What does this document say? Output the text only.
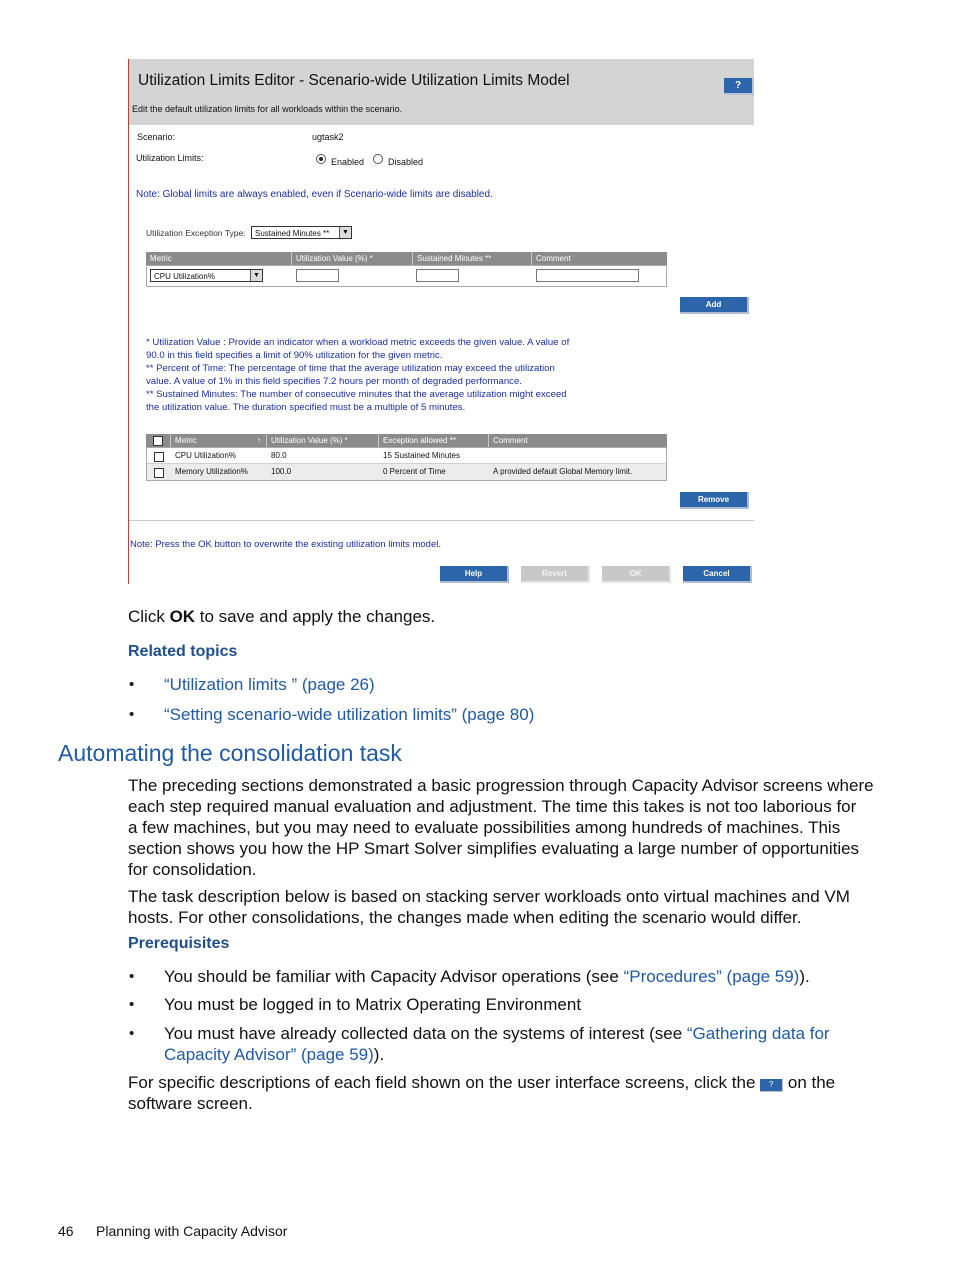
Utilization Limits Editor - Scenario-wide Utilization Limits Model
Edit the default utilization limits for all workloads within the scenario.
?
Scenario:	ugtask2
Utilization Limits:	Enabled	Disabled
Note: Global limits are always enabled, even if Scenario-wide limits are disabled.
Utilization Exception Type:	Sustained Minutes **	▼
Metric	Utilization Value (%) *	Sustained Minutes **	Comment
CPU Utilization%	▼
Add
* Utilization Value : Provide an indicator when a workload metric exceeds the given value. A value of
90.0 in this field specifies a limit of 90% utilization for the given metric.
** Percent of Time: The percentage of time that the average utilization may exceed the utilization
value. A value of 1% in this field specifies 7.2 hours per month of degraded performance.
** Sustained Minutes: The number of consecutive minutes that the average utilization might exceed
the utilization value. The duration specified must be a multiple of 5 minutes.
Metric	↑	Utilization Value (%) *	Exception allowed **	Comment
CPU Utilization%	80.0	15 Sustained Minutes
Memory Utilization%	100.0	0 Percent of Time	A provided default Global Memory limit.
Remove
Note: Press the OK button to overwrite the existing utilization limits model.
Help	Revert	OK	Cancel
Click OK to save and apply the changes.
Related topics
• “Utilization limits ” (page 26)
• “Setting scenario-wide utilization limits” (page 80)
Automating the consolidation task
The preceding sections demonstrated a basic progression through Capacity Advisor screens where
each step required manual evaluation and adjustment. The time this takes is not too laborious for
a few machines, but you may need to evaluate possibilities among hundreds of machines. This
section shows you how the HP Smart Solver simplifies evaluating a large number of opportunities
for consolidation.
The task description below is based on stacking server workloads onto virtual machines and VM
hosts. For other consolidations, the changes made when editing the scenario would differ.
Prerequisites
• You should be familiar with Capacity Advisor operations (see “Procedures” (page 59)).
• You must be logged in to Matrix Operating Environment
• You must have already collected data on the systems of interest (see “Gathering data for
Capacity Advisor” (page 59)).
For specific descriptions of each field shown on the user interface screens, click the ? on the
software screen.
46 Planning with Capacity Advisor
